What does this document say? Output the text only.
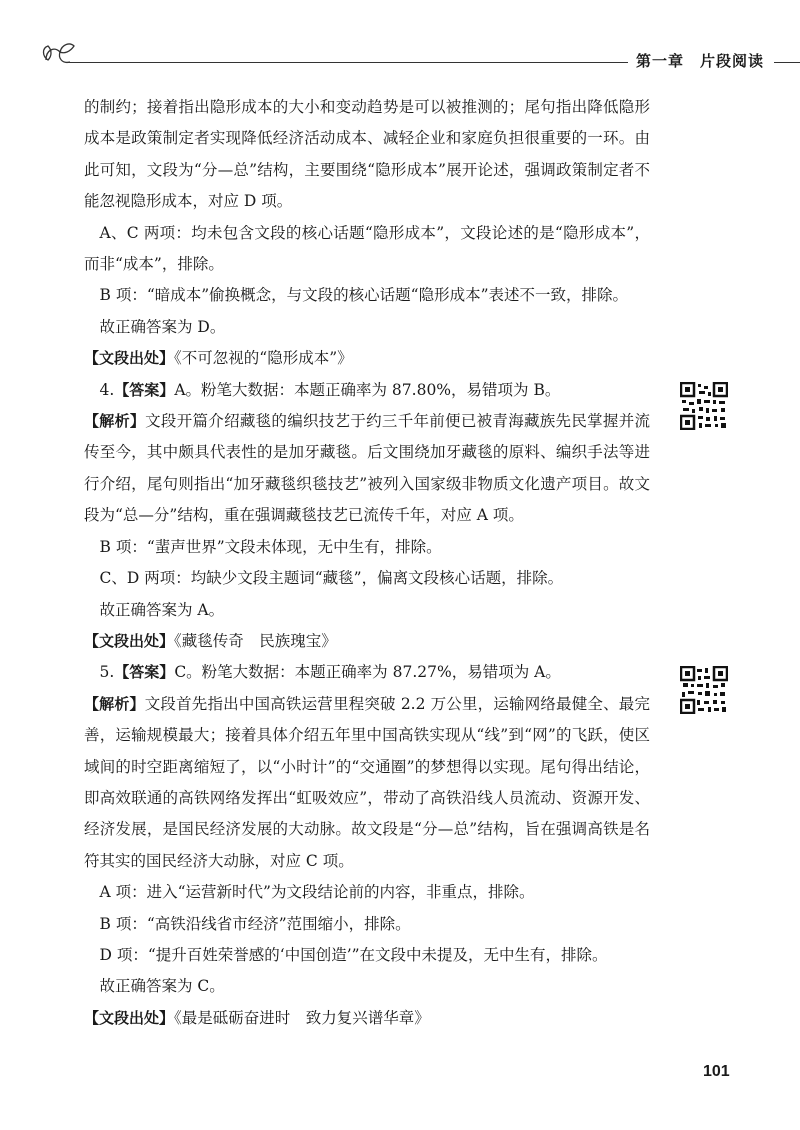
第一章　片段阅读

的制约；接着指出隐形成本的大小和变动趋势是可以被推测的；尾句指出降低隐形成本是政策制定者实现降低经济活动成本、减轻企业和家庭负担很重要的一环。由此可知，文段为“分—总”结构，主要围绕“隐形成本”展开论述，强调政策制定者不能忽视隐形成本，对应 D 项。

A、C 两项：均未包含文段的核心话题“隐形成本”，文段论述的是“隐形成本”，而非“成本”，排除。

B 项：“暗成本”偷换概念，与文段的核心话题“隐形成本”表述不一致，排除。

故正确答案为 D。

【文段出处】《不可忽视的“隐形成本”》

4.【答案】A。粉笔大数据：本题正确率为 87.80%，易错项为 B。

【解析】文段开篇介绍藏毯的编织技艺于约三千年前便已被青海藏族先民掌握并流传至今，其中颇具代表性的是加牙藏毯。后文围绕加牙藏毯的原料、编织手法等进行介绍，尾句则指出“加牙藏毯织毯技艺”被列入国家级非物质文化遗产项目。故文段为“总—分”结构，重在强调藏毯技艺已流传千年，对应 A 项。

B 项：“蜚声世界”文段未体现，无中生有，排除。

C、D 两项：均缺少文段主题词“藏毯”，偏离文段核心话题，排除。

故正确答案为 A。

【文段出处】《藏毯传奇　民族瑰宝》

5.【答案】C。粉笔大数据：本题正确率为 87.27%，易错项为 A。

【解析】文段首先指出中国高铁运营里程突破 2.2 万公里，运输网络最健全、最完善，运输规模最大；接着具体介绍五年里中国高铁实现从“线”到“网”的飞跃，使区域间的时空距离缩短了，以“小时计”的“交通圈”的梦想得以实现。尾句得出结论，即高效联通的高铁网络发挥出“虹吸效应”，带动了高铁沿线人员流动、资源开发、经济发展，是国民经济发展的大动脉。故文段是“分—总”结构，旨在强调高铁是名符其实的国民经济大动脉，对应 C 项。

A 项：进入“运营新时代”为文段结论前的内容，非重点，排除。

B 项：“高铁沿线省市经济”范围缩小，排除。

D 项：“提升百姓荣誉感的‘中国创造’”在文段中未提及，无中生有，排除。

故正确答案为 C。

【文段出处】《最是砥砺奋进时　致力复兴谱华章》

101
